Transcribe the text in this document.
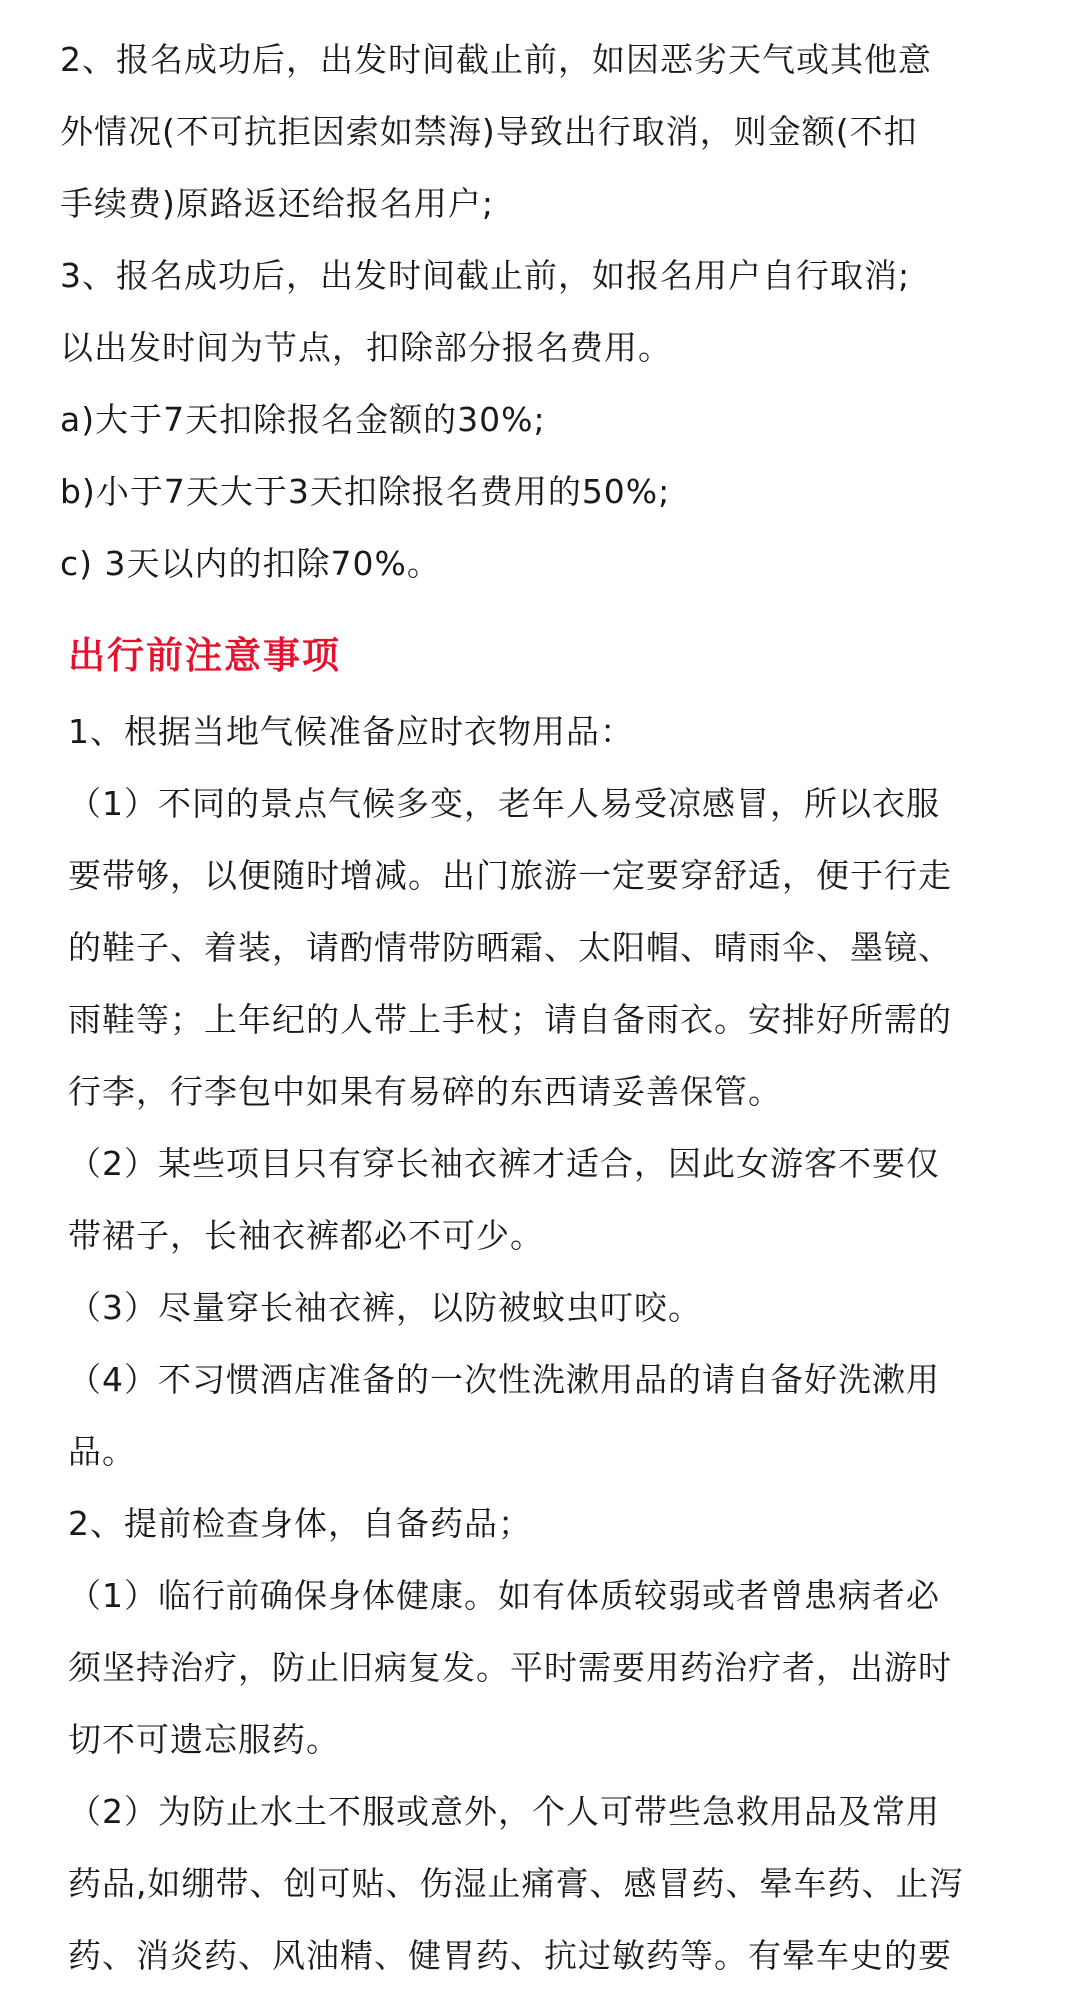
2、报名成功后，出发时间截止前，如因恶劣天气或其他意
外情况(不可抗拒因索如禁海)导致出行取消，则金额(不扣
手续费)原路返还给报名用户;
3、报名成功后，出发时间截止前，如报名用户自行取消;
以出发时间为节点，扣除部分报名费用。
a)大于7天扣除报名金额的30%;
b)小于7天大于3天扣除报名费用的50%;
c) 3天以内的扣除70%。
出行前注意事项
1、根据当地气候准备应时衣物用品：
（1）不同的景点气候多变，老年人易受凉感冒，所以衣服
要带够，以便随时增减。出门旅游一定要穿舒适，便于行走
的鞋子、着装，请酌情带防晒霜、太阳帽、晴雨伞、墨镜、
雨鞋等；上年纪的人带上手杖；请自备雨衣。安排好所需的
行李，行李包中如果有易碎的东西请妥善保管。
（2）某些项目只有穿长袖衣裤才适合，因此女游客不要仅
带裙子，长袖衣裤都必不可少。
（3）尽量穿长袖衣裤，以防被蚊虫叮咬。
（4）不习惯酒店准备的一次性洗漱用品的请自备好洗漱用
品。
2、提前检查身体，自备药品；
（1）临行前确保身体健康。如有体质较弱或者曾患病者必
须坚持治疗，防止旧病复发。平时需要用药治疗者，出游时
切不可遗忘服药。
（2）为防止水土不服或意外，个人可带些急救用品及常用
药品,如绷带、创可贴、伤湿止痛膏、感冒药、晕车药、止泻
药、消炎药、风油精、健胃药、抗过敏药等。有晕车史的要
